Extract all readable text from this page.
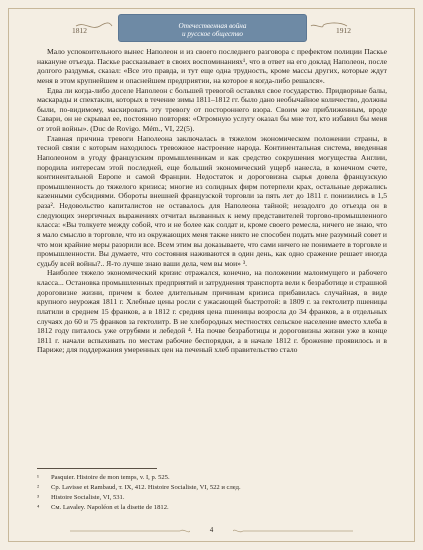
1812	Отечественная война
и русское общество	1912

Мало успокоительного вынес Наполеон и из своего последнего разговора с префектом полиции Паскье накануне отъезда. Паскье рассказывает в своих воспоминаниях¹, что в ответ на его доклад Наполеон, после долгого раздумья, сказал: «Все это правда, и тут еще одна трудность, кроме массы других, которые ждут меня в этом крупнейшем и опаснейшем предприятии, на которое я когда-либо решался».

Едва ли когда-либо доселе Наполеон с большей тревогой оставлял свое государство. Придворные балы, маскарады и спектакли, которых в течение зимы 1811–1812 гг. было дано необычайное количество, должны были, по-видимому, маскировать эту тревогу от постороннего взора. Своим же приближенным, вроде Савари, он не скрывал ее, постоянно повторяя: «Огромную услугу оказал бы мне тот, кто избавил бы меня от этой войны». (Duc de Rovigo. Mém., VI, 22(5).

Главная причина тревоги Наполеона заключалась в тяжелом экономическом положении страны, в тесной связи с которым находилось тревожное настроение народа. Континентальная система, введенная Наполеоном в угоду французским промышленникам и как средство сокрушения могущества Англии, породила интересам этой последней, еще больший экономический ущерб нанесла, в конечном счете, континентальной Европе и самой Франции. Недостаток и дороговизна сырья довела французскую промышленность до тяжелого кризиса; многие из солидных фирм потерпели крах, остальные держались казенными субсидиями. Обороты внешней французской торговли за пять лет до 1811 г. понизились в 1,5 раза². Недовольство капиталистов не оставалось для Наполеона тайной; незадолго до отъезда он в следующих энергичных выражениях отчитал вызванных к нему представителей торгово-промышленного класса: «Вы толкуете между собой, что и не более как солдат и, кроме своего ремесла, ничего не знаю, что я мало смыслю в торговле, что из окружающих меня также никто не способен подать мне разумный совет и что мои крайние меры разорили все. Всем этим вы доказываете, что сами ничего не понимаете в торговле и промышленности. Вы думаете, что состояния наживаются в один день, как одно сражение решает иногда судьбу всей войны?.. Я-то лучше знаю ваши дела, чем вы мои» ³.

Наиболее тяжело экономический кризис отражался, конечно, на положении малоимущего и рабочего класса... Остановка промышленных предприятий и затруднения транспорта вели к безработице и страшной дороговизне жизни, причем к более длительным причинам кризиса прибавилась случайная, в виде крупного неурожая 1811 г. Хлебные цены росли с ужасающей быстротой: в 1809 г. за гектолитр пшеницы платили в среднем 15 франков, а в 1812 г. средняя цена пшеницы возросла до 34 франков, а в отдельных случаях до 60 и 75 франков за гектолитр. В не хлебородных местностях сельское население вместо хлеба в 1812 году питалось уже отрубями и лебедой ⁴. На почве безработицы и дороговизны жизни уже в конце 1811 г. начали вспыхивать по местам рабочие беспорядки, а в начале 1812 г. брожение проявилось и в Париже; для поддержания умеренных цен на печеный хлеб правительство стало

¹	Pasquier. Histoire de mon temps, v. I, p. 525.
²	Ср. Lavisse et Rambaud, т. IX, 412. Histoire Socialiste, VI, 522 и след.
³	Histoire Socialiste, VI, 531.
⁴	См. Lavaley. Napoléon et la disette de 1812.
4
